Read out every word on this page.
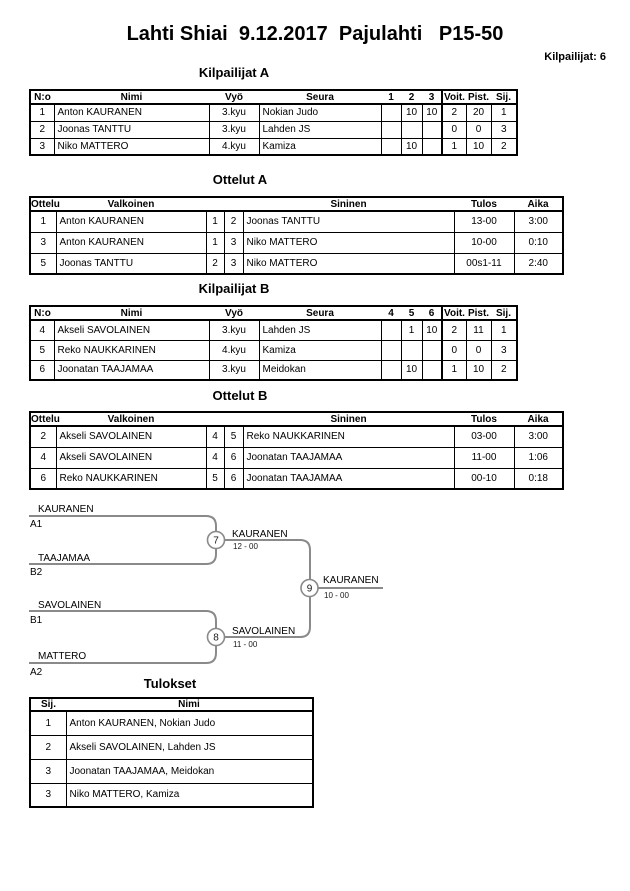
Lahti Shiai  9.12.2017  Pajulahti   P15-50
Kilpailijat: 6
Kilpailijat A
N:o	Nimi	Vyö	Seura	1	2	3	Voit.	Pist.	Sij.
1	Anton KAURANEN	3.kyu	Nokian Judo		10	10	2	20	1
2	Joonas TANTTU	3.kyu	Lahden JS				0	0	3
3	Niko MATTERO	4.kyu	Kamiza		10		1	10	2
Ottelut A
Ottelu	Valkoinen			Sininen	Tulos	Aika
1	Anton KAURANEN	1	2	Joonas TANTTU	13-00	3:00
3	Anton KAURANEN	1	3	Niko MATTERO	10-00	0:10
5	Joonas TANTTU	2	3	Niko MATTERO	00s1-11	2:40
Kilpailijat B
N:o	Nimi	Vyö	Seura	4	5	6	Voit.	Pist.	Sij.
4	Akseli SAVOLAINEN	3.kyu	Lahden JS		1	10	2	11	1
5	Reko NAUKKARINEN	4.kyu	Kamiza				0	0	3
6	Joonatan TAAJAMAA	3.kyu	Meidokan		10		1	10	2
Ottelut B
Ottelu	Valkoinen			Sininen	Tulos	Aika
2	Akseli SAVOLAINEN	4	5	Reko NAUKKARINEN	03-00	3:00
4	Akseli SAVOLAINEN	4	6	Joonatan TAAJAMAA	11-00	1:06
6	Reko NAUKKARINEN	5	6	Joonatan TAAJAMAA	00-10	0:18
7
8
9
KAURANEN
A1
TAAJAMAA
B2
SAVOLAINEN
B1
MATTERO
A2
KAURANEN
12 - 00
SAVOLAINEN
11 - 00
KAURANEN
10 - 00
Tulokset
Sij.	Nimi
1	Anton KAURANEN, Nokian Judo
2	Akseli SAVOLAINEN, Lahden JS
3	Joonatan TAAJAMAA, Meidokan
3	Niko MATTERO, Kamiza
